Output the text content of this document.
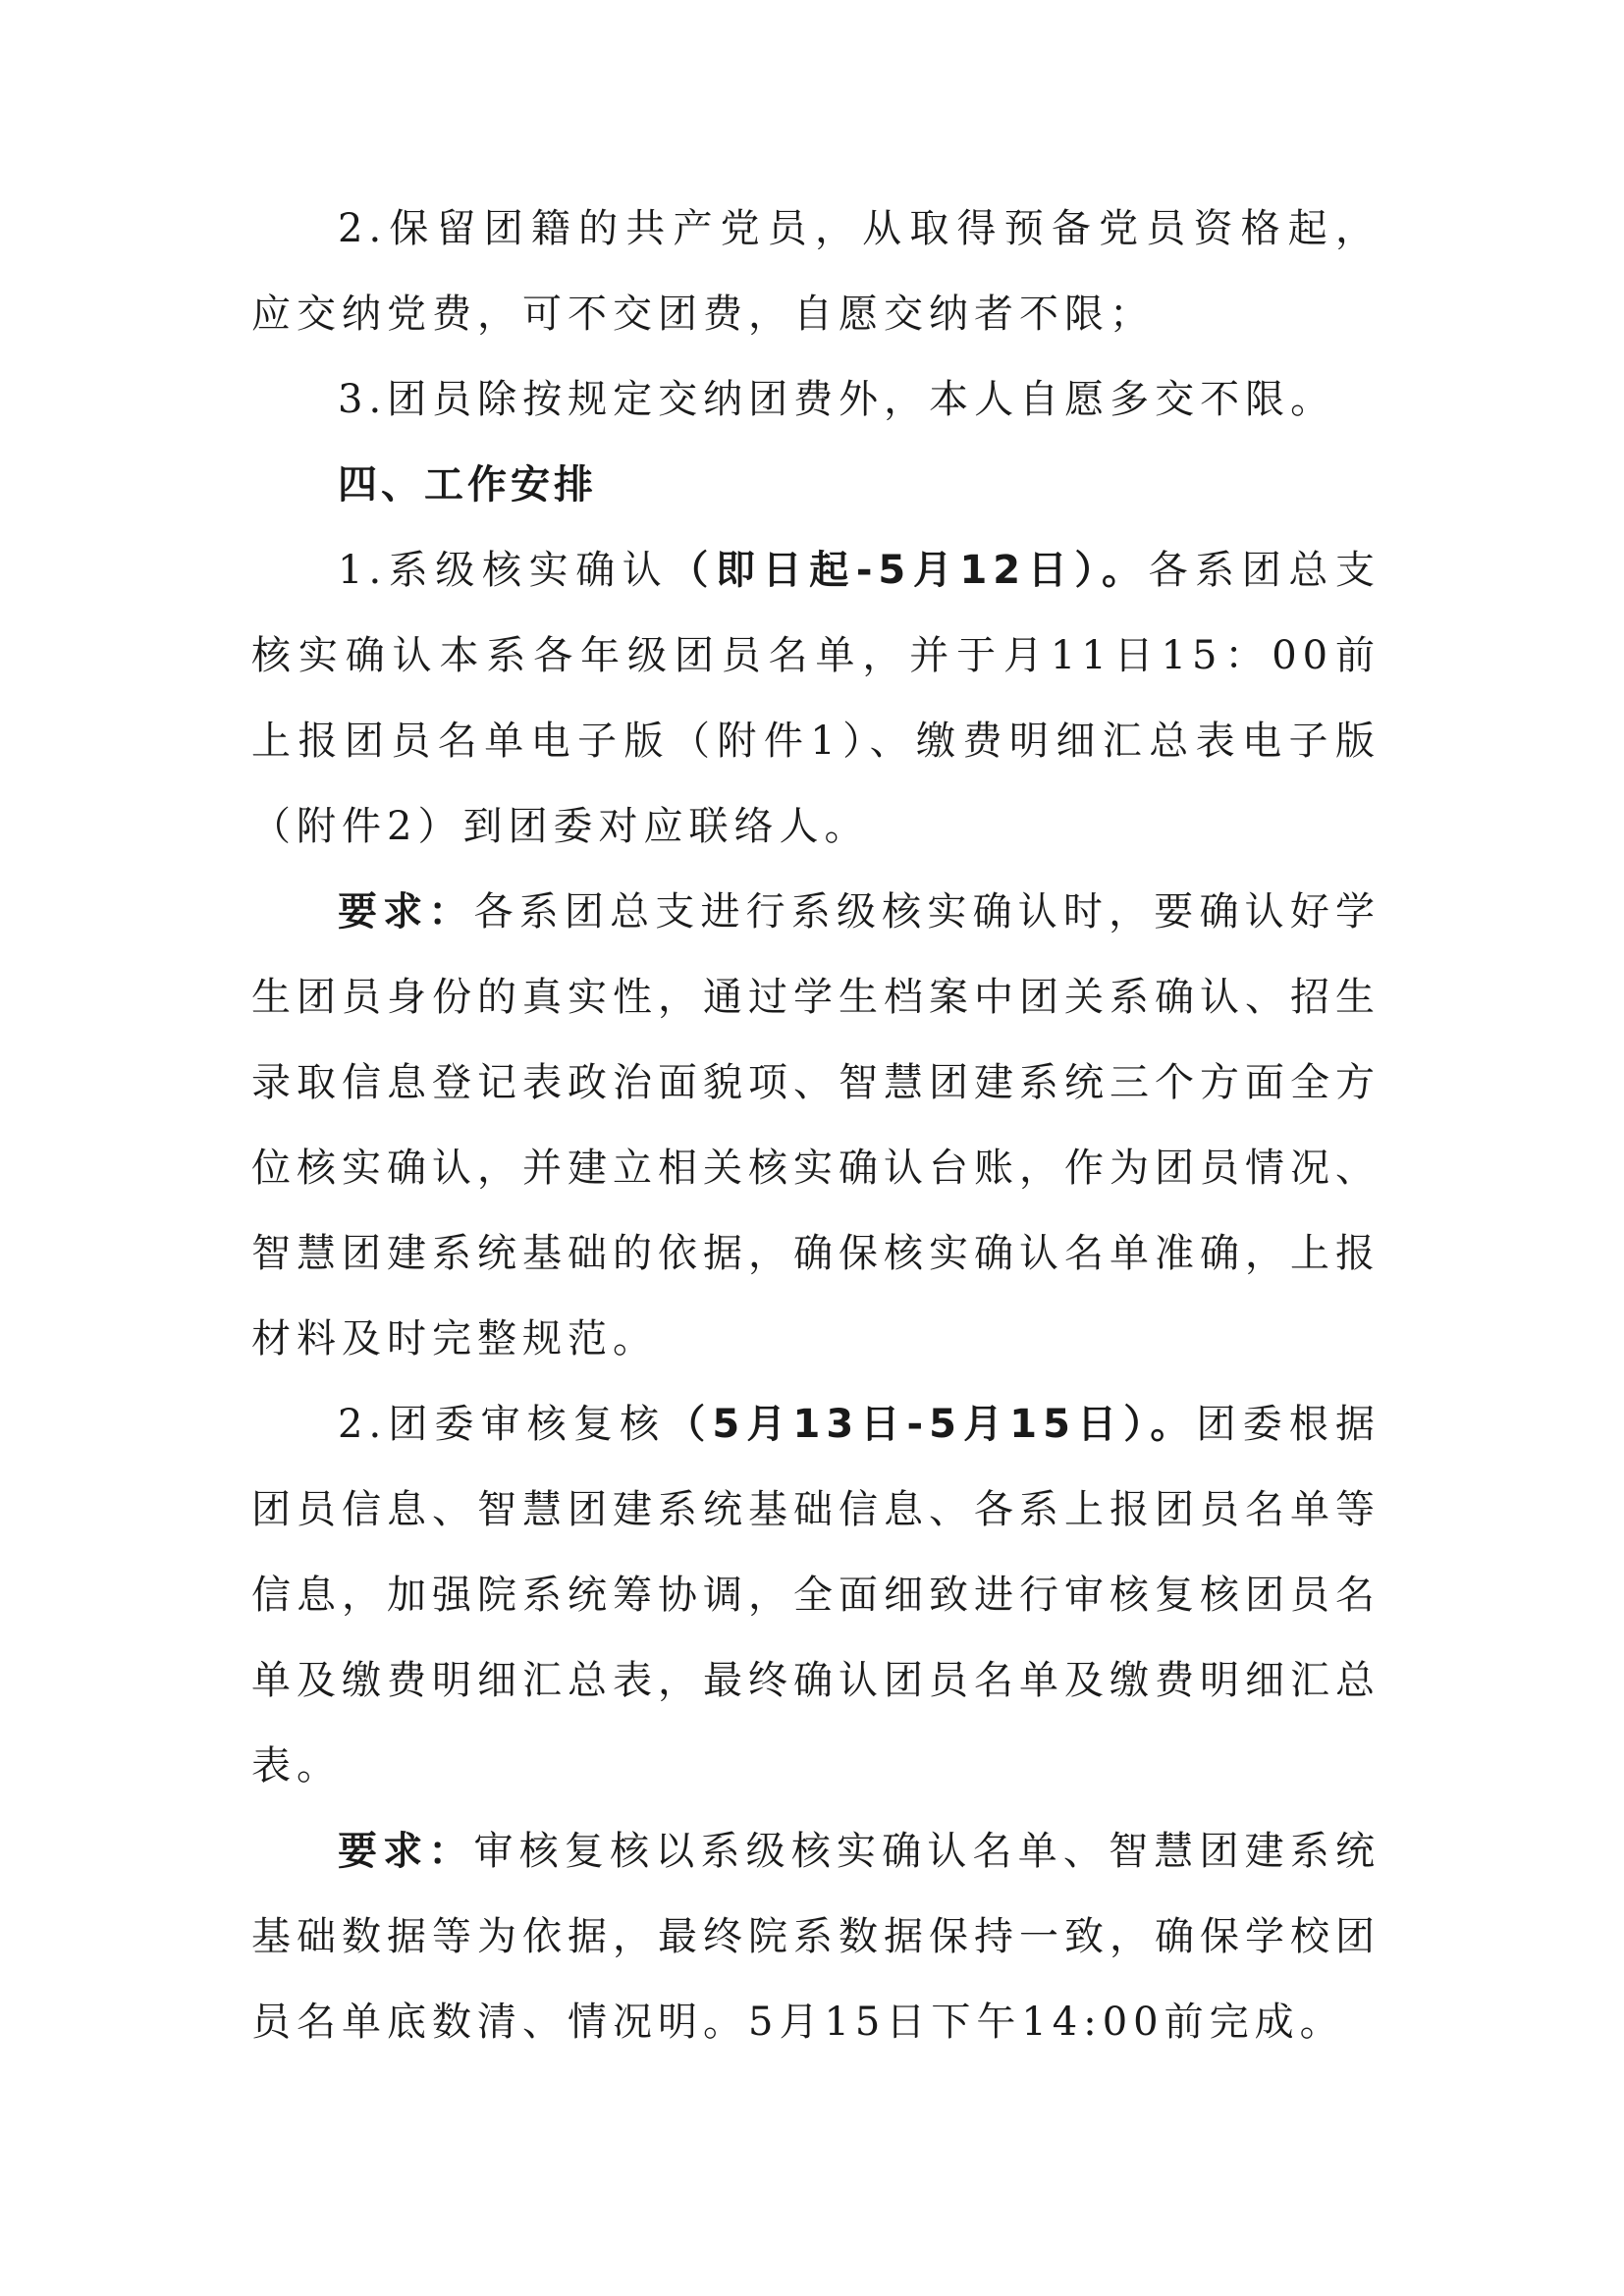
2.保留团籍的共产党员，从取得预备党员资格起，应交纳党费，可不交团费，自愿交纳者不限；

3.团员除按规定交纳团费外，本人自愿多交不限。

四、工作安排

1.系级核实确认（即日起-5月12日）。各系团总支核实确认本系各年级团员名单，并于月11日15：00前上报团员名单电子版（附件1）、缴费明细汇总表电子版（附件2）到团委对应联络人。

要求：各系团总支进行系级核实确认时，要确认好学生团员身份的真实性，通过学生档案中团关系确认、招生录取信息登记表政治面貌项、智慧团建系统三个方面全方位核实确认，并建立相关核实确认台账，作为团员情况、智慧团建系统基础的依据，确保核实确认名单准确，上报材料及时完整规范。

2.团委审核复核（5月13日-5月15日）。团委根据团员信息、智慧团建系统基础信息、各系上报团员名单等信息，加强院系统筹协调，全面细致进行审核复核团员名单及缴费明细汇总表，最终确认团员名单及缴费明细汇总表。

要求：审核复核以系级核实确认名单、智慧团建系统基础数据等为依据，最终院系数据保持一致，确保学校团员名单底数清、情况明。5月15日下午14:00前完成。
